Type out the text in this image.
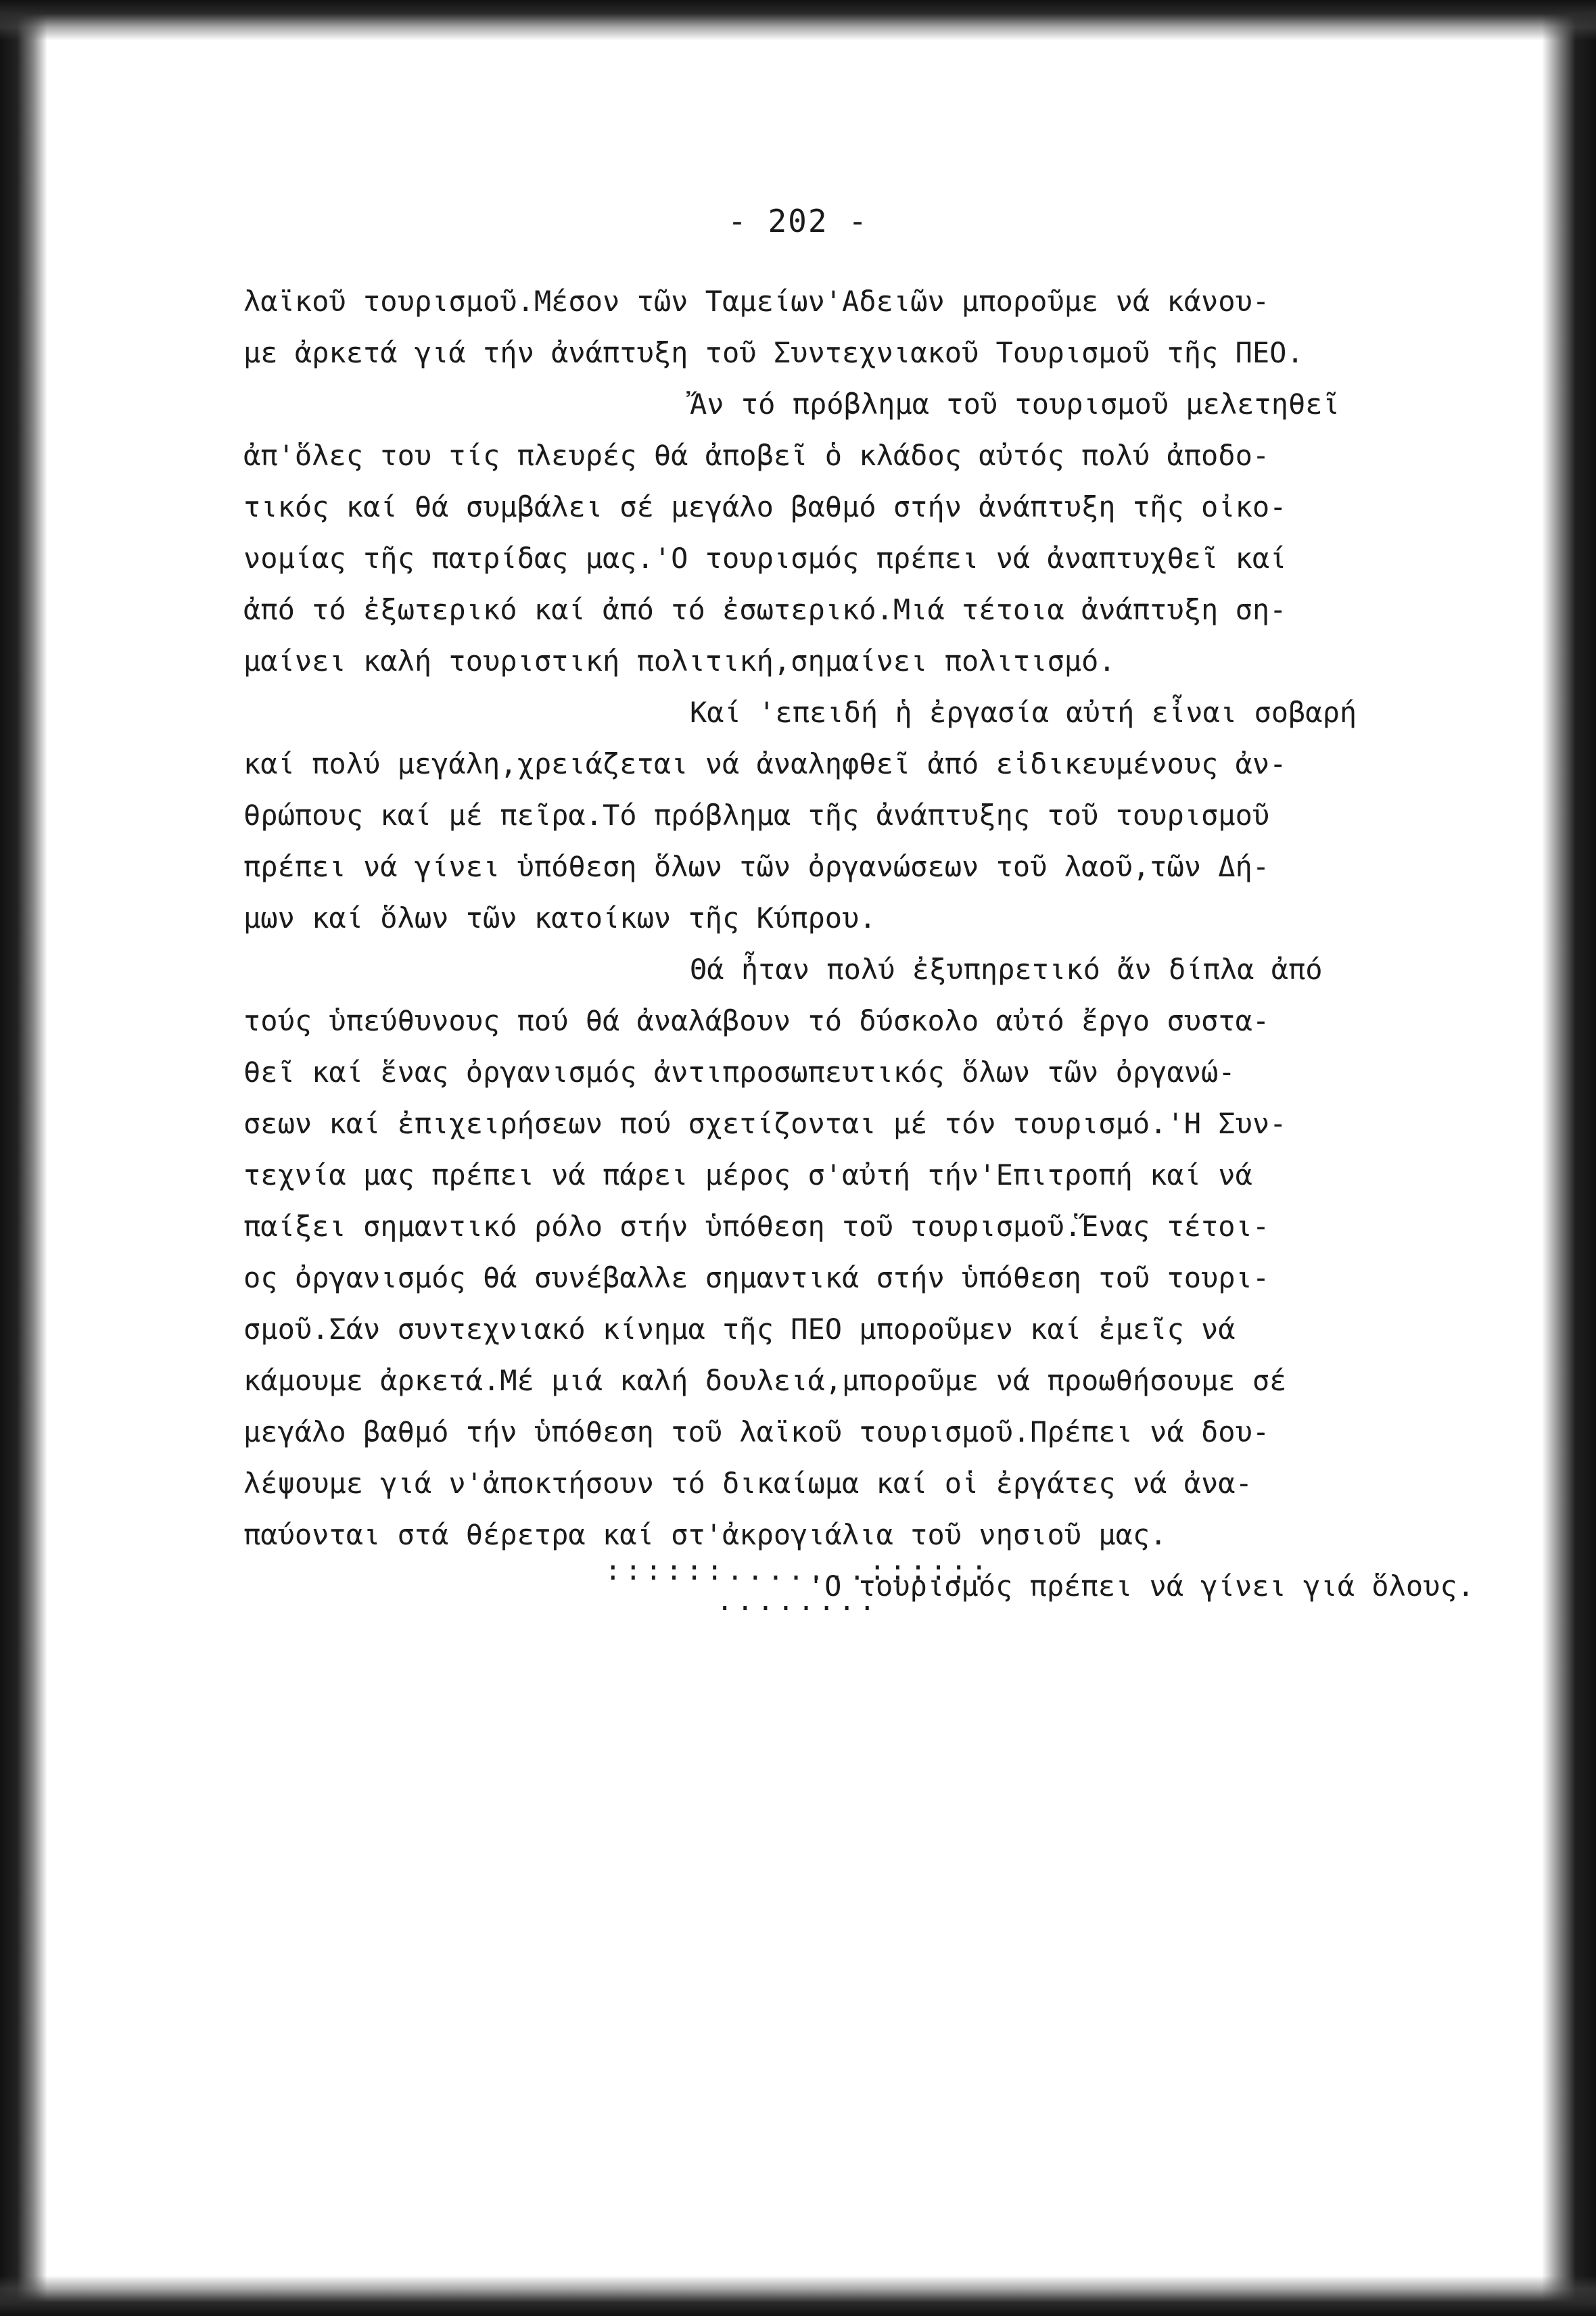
- 202 -
λαϊκοῦ τουρισμοῦ.Μέσον τῶν Ταμείων'Αδειῶν μποροῦμε νά κάνου-
με ἀρκετά γιά τήν ἀνάπτυξη τοῦ Συντεχνιακοῦ Τουρισμοῦ τῆς ΠΕΟ.
Ἄν τό πρόβλημα τοῦ τουρισμοῦ μελετηθεῖ
ἀπ'ὅλες του τίς πλευρές θά ἀποβεῖ ὁ κλάδος αὐτός πολύ ἀποδο-
τικός καί θά συμβάλει σέ μεγάλο βαθμό στήν ἀνάπτυξη τῆς οἰκο-
νομίας τῆς πατρίδας μας.'Ο τουρισμός πρέπει νά ἀναπτυχθεῖ καί
ἀπό τό ἐξωτερικό καί ἀπό τό ἐσωτερικό.Μιά τέτοια ἀνάπτυξη ση-
μαίνει καλή τουριστική πολιτική,σημαίνει πολιτισμό.
Καί 'επειδή ἡ ἐργασία αὐτή εἶναι σοβαρή
καί πολύ μεγάλη,χρειάζεται νά ἀναληφθεῖ ἀπό εἰδικευμένους ἀν-
θρώπους καί μέ πεῖρα.Τό πρόβλημα τῆς ἀνάπτυξης τοῦ τουρισμοῦ
πρέπει νά γίνει ὑπόθεση ὅλων τῶν ὀργανώσεων τοῦ λαοῦ,τῶν Δή-
μων καί ὅλων τῶν κατοίκων τῆς Κύπρου.
Θά ἦταν πολύ ἐξυπηρετικό ἄν δίπλα ἀπό
τούς ὑπεύθυνους πού θά ἀναλάβουν τό δύσκολο αὐτό ἔργο συστα-
θεῖ καί ἕνας ὀργανισμός ἀντιπροσωπευτικός ὅλων τῶν ὀργανώ-
σεων καί ἐπιχειρήσεων πού σχετίζονται μέ τόν τουρισμό.'Η Συν-
τεχνία μας πρέπει νά πάρει μέρος σ'αὐτή τήν'Επιτροπή καί νά
παίξει σημαντικό ρόλο στήν ὑπόθεση τοῦ τουρισμοῦ.Ἕνας τέτοι-
ος ὀργανισμός θά συνέβαλλε σημαντικά στήν ὑπόθεση τοῦ τουρι-
σμοῦ.Σάν συντεχνιακό κίνημα τῆς ΠΕΟ μποροῦμεν καί ἐμεῖς νά
κάμουμε ἀρκετά.Μέ μιά καλή δουλειά,μποροῦμε νά προωθήσουμε σέ
μεγάλο βαθμό τήν ὑπόθεση τοῦ λαϊκοῦ τουρισμοῦ.Πρέπει νά δου-
λέψουμε γιά ν'ἀποκτήσουν τό δικαίωμα καί οἱ ἐργάτες νά ἀνα-
παύονται στά θέρετρα καί στ'ἀκρογιάλια τοῦ νησιοῦ μας.
'Ο τουρισμός πρέπει νά γίνει γιά ὅλους.
::::::.......::::::
........
